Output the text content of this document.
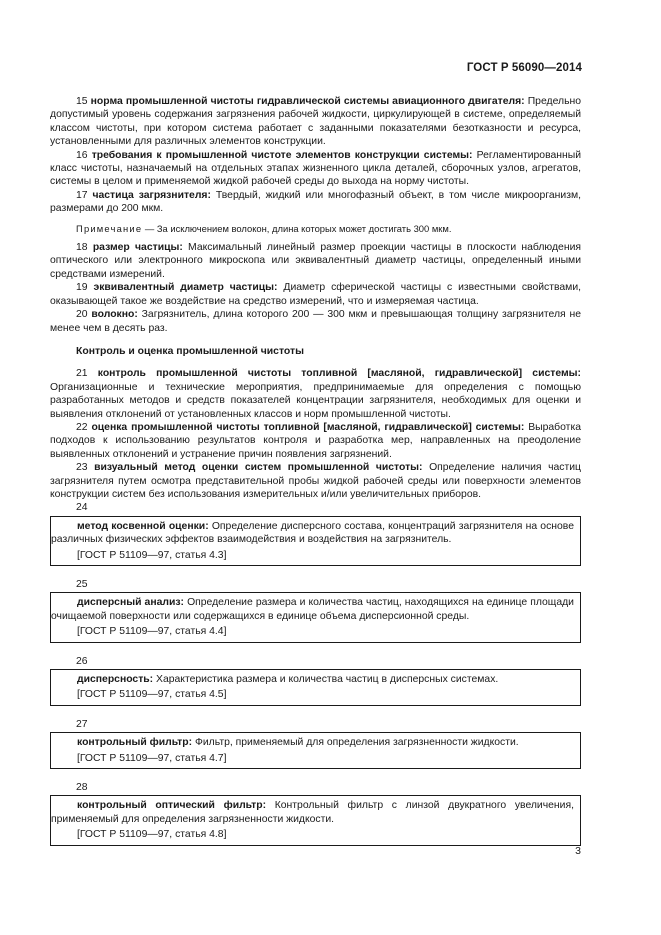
ГОСТ Р 56090—2014

15 норма промышленной чистоты гидравлической системы авиационного двигателя: Предельно допустимый уровень содержания загрязнения рабочей жидкости, циркулирующей в системе, определяемый классом чистоты, при котором система работает с заданными показателями безотказности и ресурса, установленными для различных элементов конструкции.

16 требования к промышленной чистоте элементов конструкции системы: Регламентированный класс чистоты, назначаемый на отдельных этапах жизненного цикла деталей, сборочных узлов, агрегатов, системы в целом и применяемой жидкой рабочей среды до выхода на норму чистоты.

17 частица загрязнителя: Твердый, жидкий или многофазный объект, в том числе микроорганизм, размерами до 200 мкм.

Примечание — За исключением волокон, длина которых может достигать 300 мкм.

18 размер частицы: Максимальный линейный размер проекции частицы в плоскости наблюдения оптического или электронного микроскопа или эквивалентный диаметр частицы, определенный иными средствами измерений.

19 эквивалентный диаметр частицы: Диаметр сферической частицы с известными свойствами, оказывающей такое же воздействие на средство измерений, что и измеряемая частица.

20 волокно: Загрязнитель, длина которого 200 — 300 мкм и превышающая толщину загрязнителя не менее чем в десять раз.

Контроль и оценка промышленной чистоты

21 контроль промышленной чистоты топливной [масляной, гидравлической] системы: Организационные и технические мероприятия, предпринимаемые для определения с помощью разработанных методов и средств показателей концентрации загрязнителя, необходимых для оценки и выявления отклонений от установленных классов и норм промышленной чистоты.

22 оценка промышленной чистоты топливной [масляной, гидравлической] системы: Выработка подходов к использованию результатов контроля и разработка мер, направленных на преодоление выявленных отклонений и устранение причин появления загрязнений.

23 визуальный метод оценки систем промышленной чистоты: Определение наличия частиц загрязнителя путем осмотра представительной пробы жидкой рабочей среды или поверхности элементов конструкции систем без использования измерительных и/или увеличительных приборов.

24

метод косвенной оценки: Определение дисперсного состава, концентраций загрязнителя на основе различных физических эффектов взаимодействия и воздействия на загрязнитель.

[ГОСТ Р 51109—97, статья 4.3]

25

дисперсный анализ: Определение размера и количества частиц, находящихся на единице площади очищаемой поверхности или содержащихся в единице объема дисперсионной среды.

[ГОСТ Р 51109—97, статья 4.4]

26

дисперсность: Характеристика размера и количества частиц в дисперсных системах.

[ГОСТ Р 51109—97, статья 4.5]

27

контрольный фильтр: Фильтр, применяемый для определения загрязненности жидкости.

[ГОСТ Р 51109—97, статья 4.7]

28

контрольный оптический фильтр: Контрольный фильтр с линзой двукратного увеличения, применяемый для определения загрязненности жидкости.

[ГОСТ Р 51109—97, статья 4.8]

3
